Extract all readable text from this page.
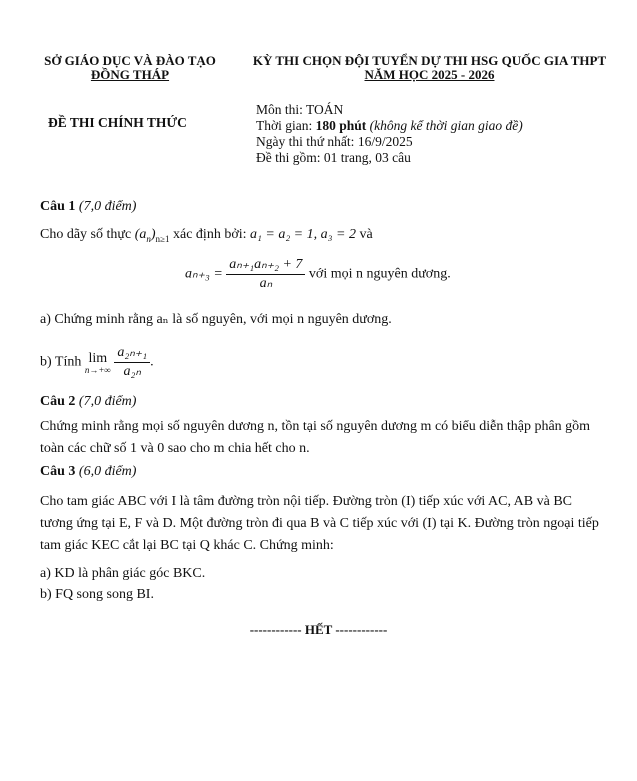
SỞ GIÁO DỤC VÀ ĐÀO TẠO
ĐỒNG THÁP
KỲ THI CHỌN ĐỘI TUYỂN DỰ THI HSG QUỐC GIA THPT
NĂM HỌC 2025 - 2026
ĐỀ THI CHÍNH THỨC
Môn thi: TOÁN
Thời gian: 180 phút (không kể thời gian giao đề)
Ngày thi thứ nhất: 16/9/2025
Đề thi gồm: 01 trang, 03 câu
Câu 1 (7,0 điểm)
Cho dãy số thực $(a_n)_{n\ge 1}$ xác định bởi: a₁ = a₂ = 1, a₃ = 2 và
$a_{n+3} = \frac{\text{aₙ₊₁aₙ₊₂ + 7}}{\text{aₙ}}$ với mọi n nguyên dương.
a) Chứng minh rằng aₙ là số nguyên, với mọi n nguyên dương.
b) Tính lim
n→+∞
$\frac{\text{a₂ₙ₊₁}}{\text{a₂ₙ}}$ .
Câu 2 (7,0 điểm)
Chứng minh rằng mọi số nguyên dương n, tồn tại số nguyên dương m có biểu diễn thập phân gồm toàn các chữ số 1 và 0 sao cho m chia hết cho n.
Câu 3 (6,0 điểm)
Cho tam giác ABC với I là tâm đường tròn nội tiếp. Đường tròn (I) tiếp xúc với AC, AB và BC tương ứng tại E, F và D. Một đường tròn đi qua B và C tiếp xúc với (I) tại K. Đường tròn ngoại tiếp tam giác KEC cắt lại BC tại Q khác C. Chứng minh:
a) KD là phân giác góc BKC.
b) FQ song song BI.
------------ HẾT ------------
